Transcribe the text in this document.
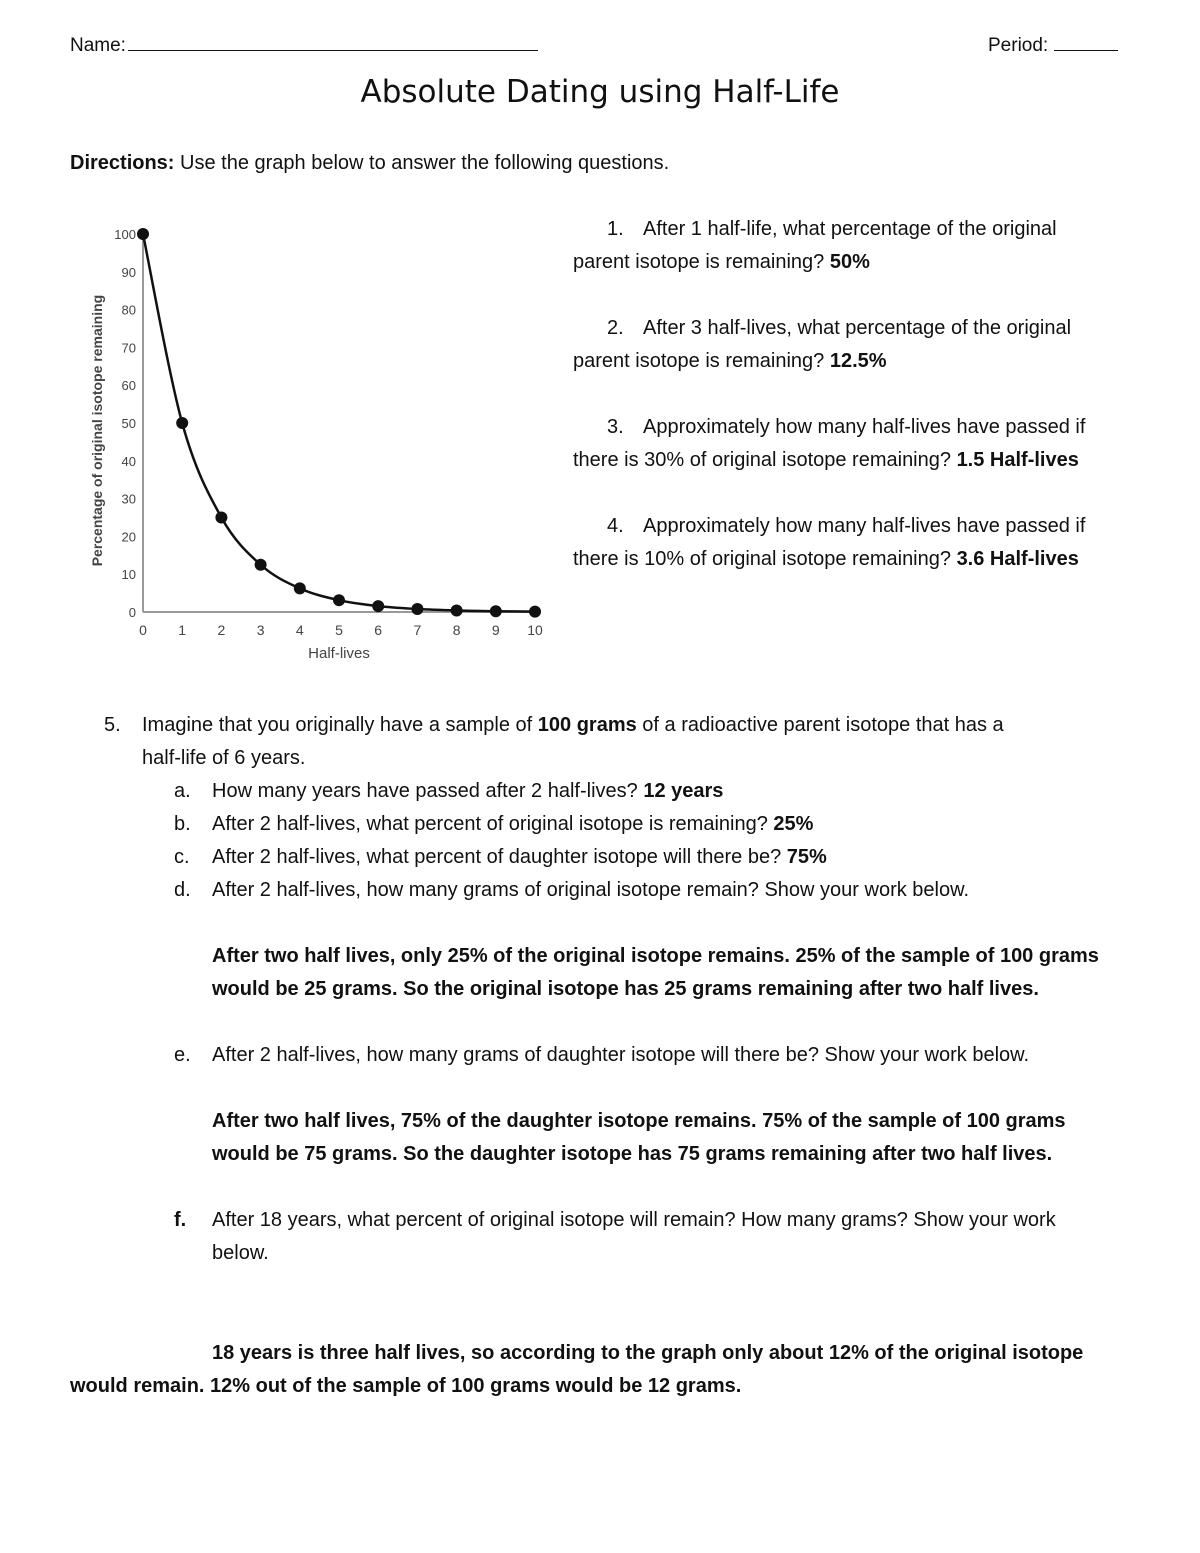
Name:	Period:
Absolute Dating using Half-Life
Directions: Use the graph below to answer the following questions.
0
10
20
30
40
50
60
70
80
90
100
0 1 2 3 4 5 6 7 8 9 10
Half-lives
Percentage of original isotope remaining
1. After 1 half-life, what percentage of the original
parent isotope is remaining? 50%
2. After 3 half-lives, what percentage of the original
parent isotope is remaining? 12.5%
3. Approximately how many half-lives have passed if
there is 30% of original isotope remaining? 1.5 Half-lives
4. Approximately how many half-lives have passed if
there is 10% of original isotope remaining? 3.6 Half-lives
5. Imagine that you originally have a sample of 100 grams of a radioactive parent isotope that has a
half-life of 6 years.
a. How many years have passed after 2 half-lives? 12 years
b. After 2 half-lives, what percent of original isotope is remaining? 25%
c. After 2 half-lives, what percent of daughter isotope will there be? 75%
d. After 2 half-lives, how many grams of original isotope remain? Show your work below.
After two half lives, only 25% of the original isotope remains. 25% of the sample of 100 grams
would be 25 grams. So the original isotope has 25 grams remaining after two half lives.
e. After 2 half-lives, how many grams of daughter isotope will there be? Show your work below.
After two half lives, 75% of the daughter isotope remains. 75% of the sample of 100 grams
would be 75 grams. So the daughter isotope has 75 grams remaining after two half lives.
f. After 18 years, what percent of original isotope will remain? How many grams? Show your work
below.
18 years is three half lives, so according to the graph only about 12% of the original isotope
would remain. 12% out of the sample of 100 grams would be 12 grams.
